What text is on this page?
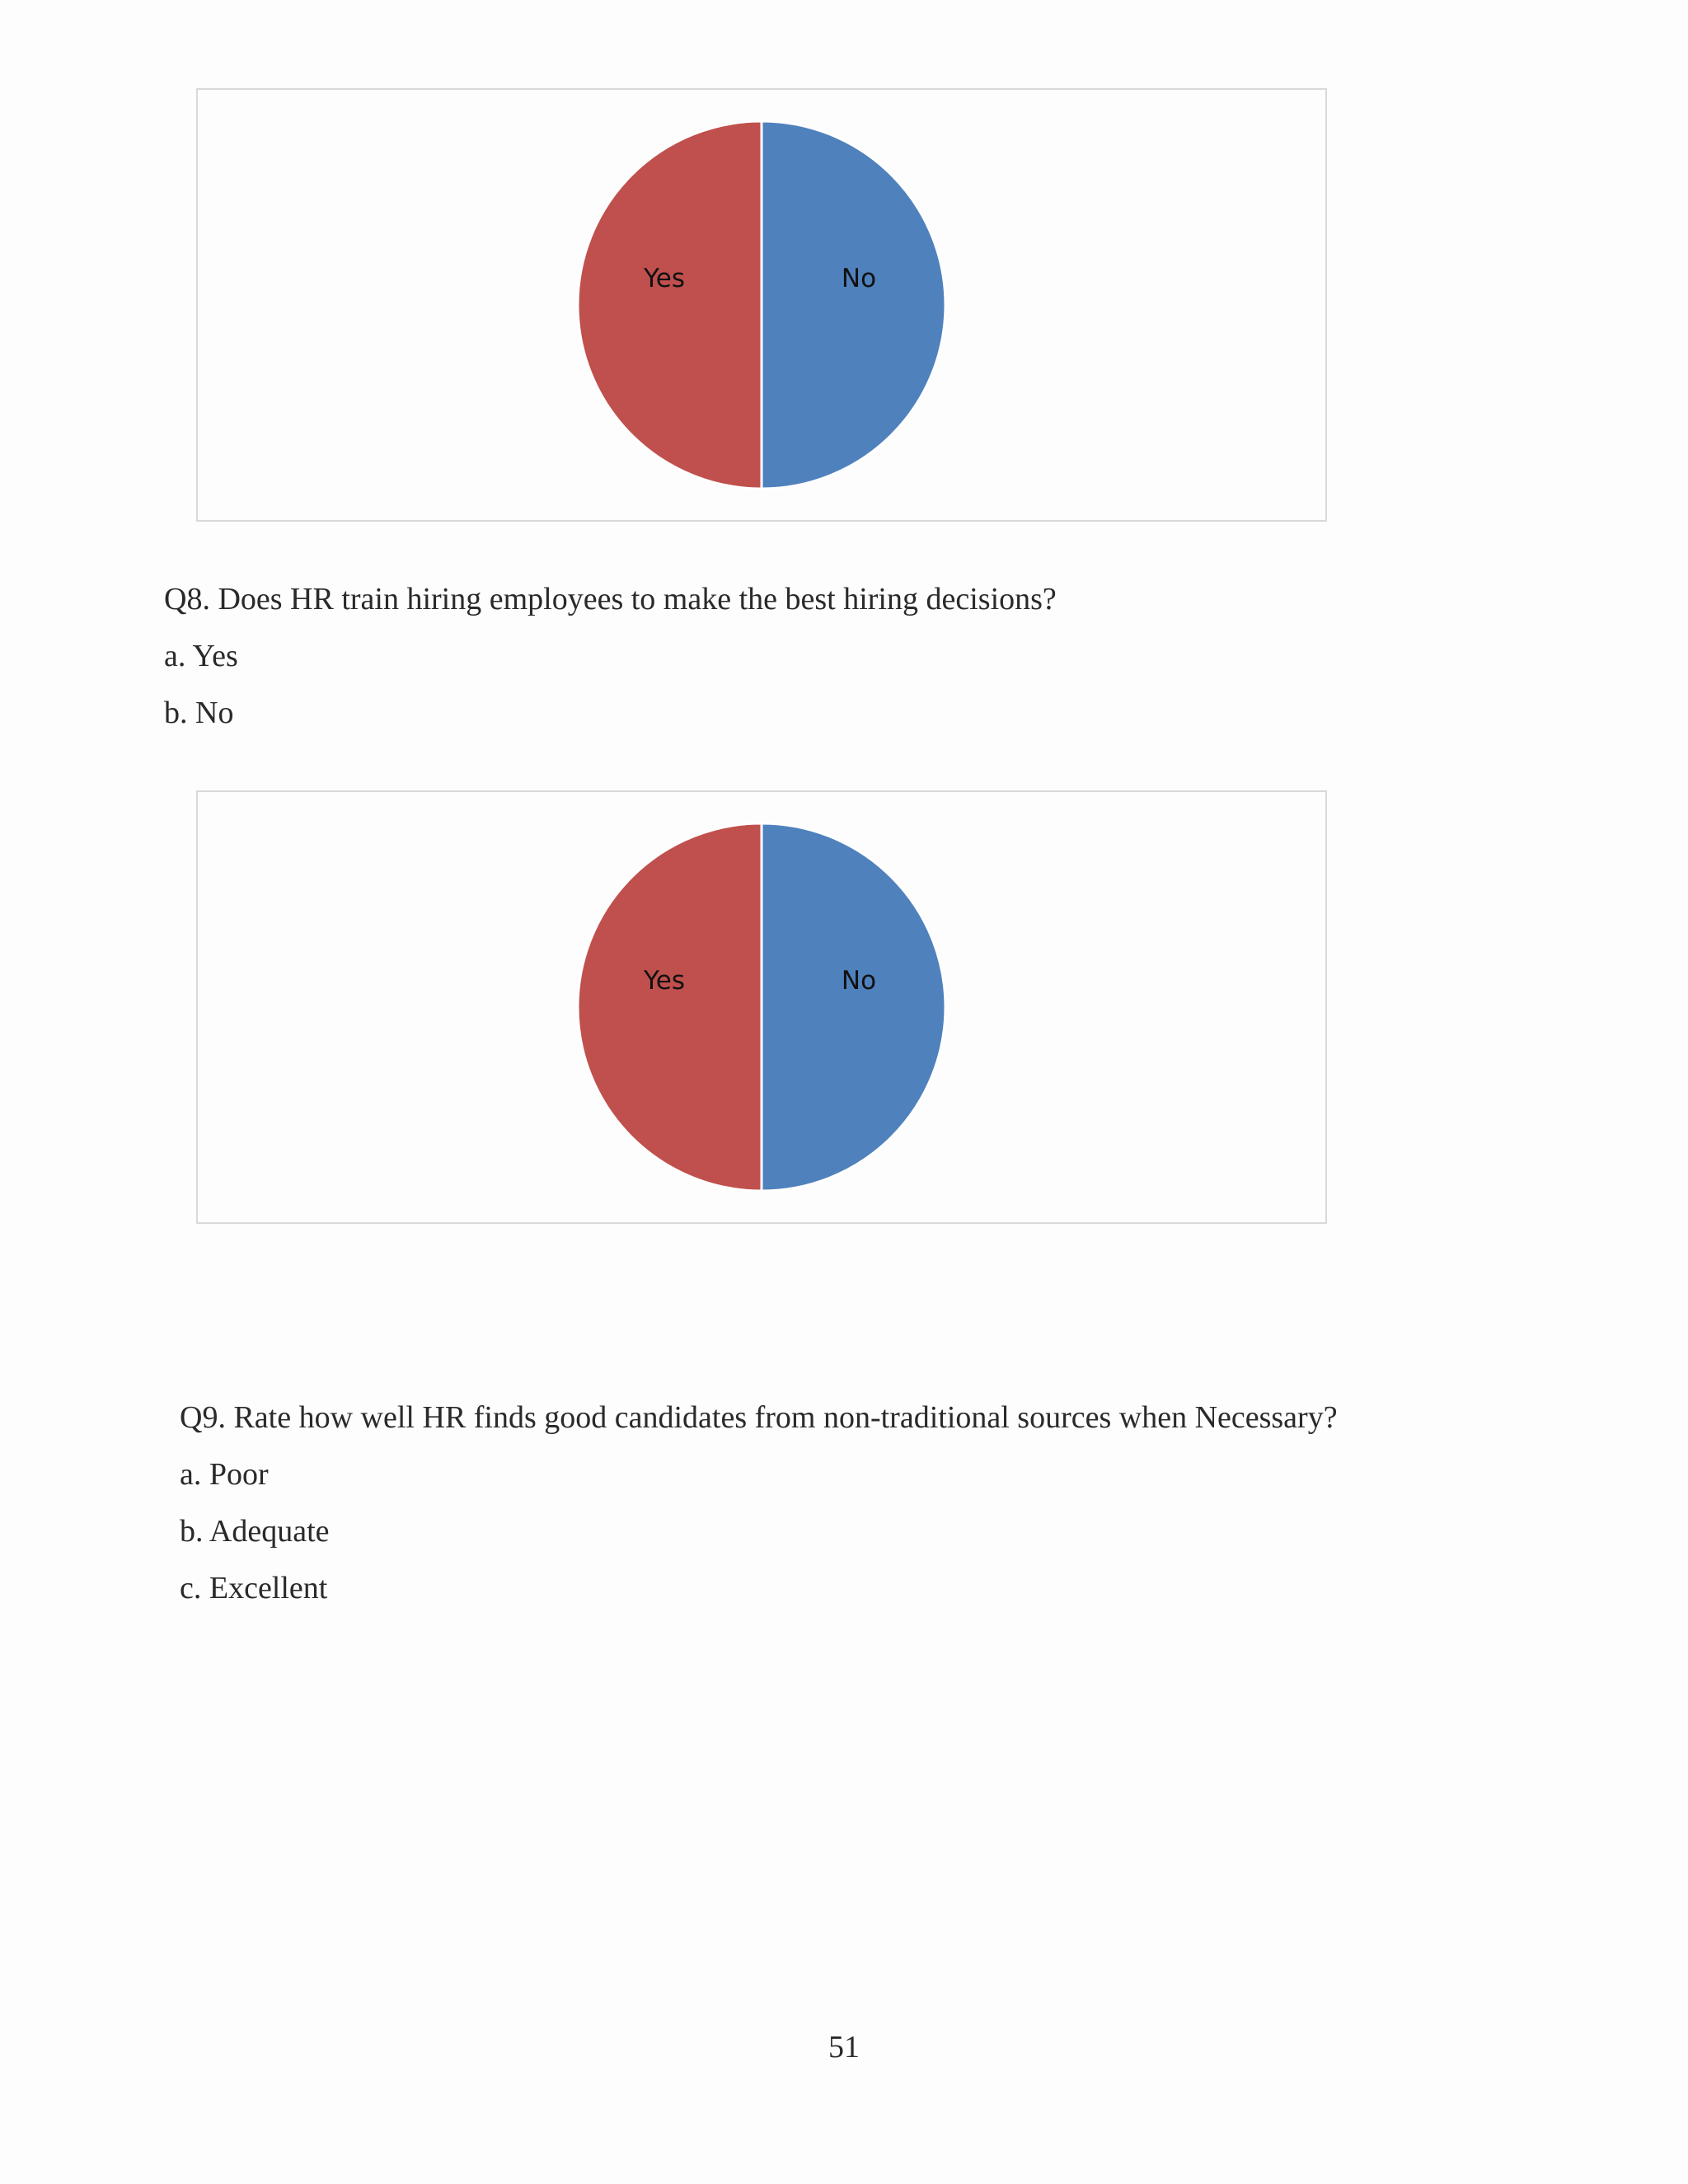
No
Yes

Q8. Does HR train hiring employees to make the best hiring decisions?

a. Yes

b. No

No
Yes

Q9. Rate how well HR finds good candidates from non-traditional sources when Necessary?

a. Poor

b. Adequate

c. Excellent

51
